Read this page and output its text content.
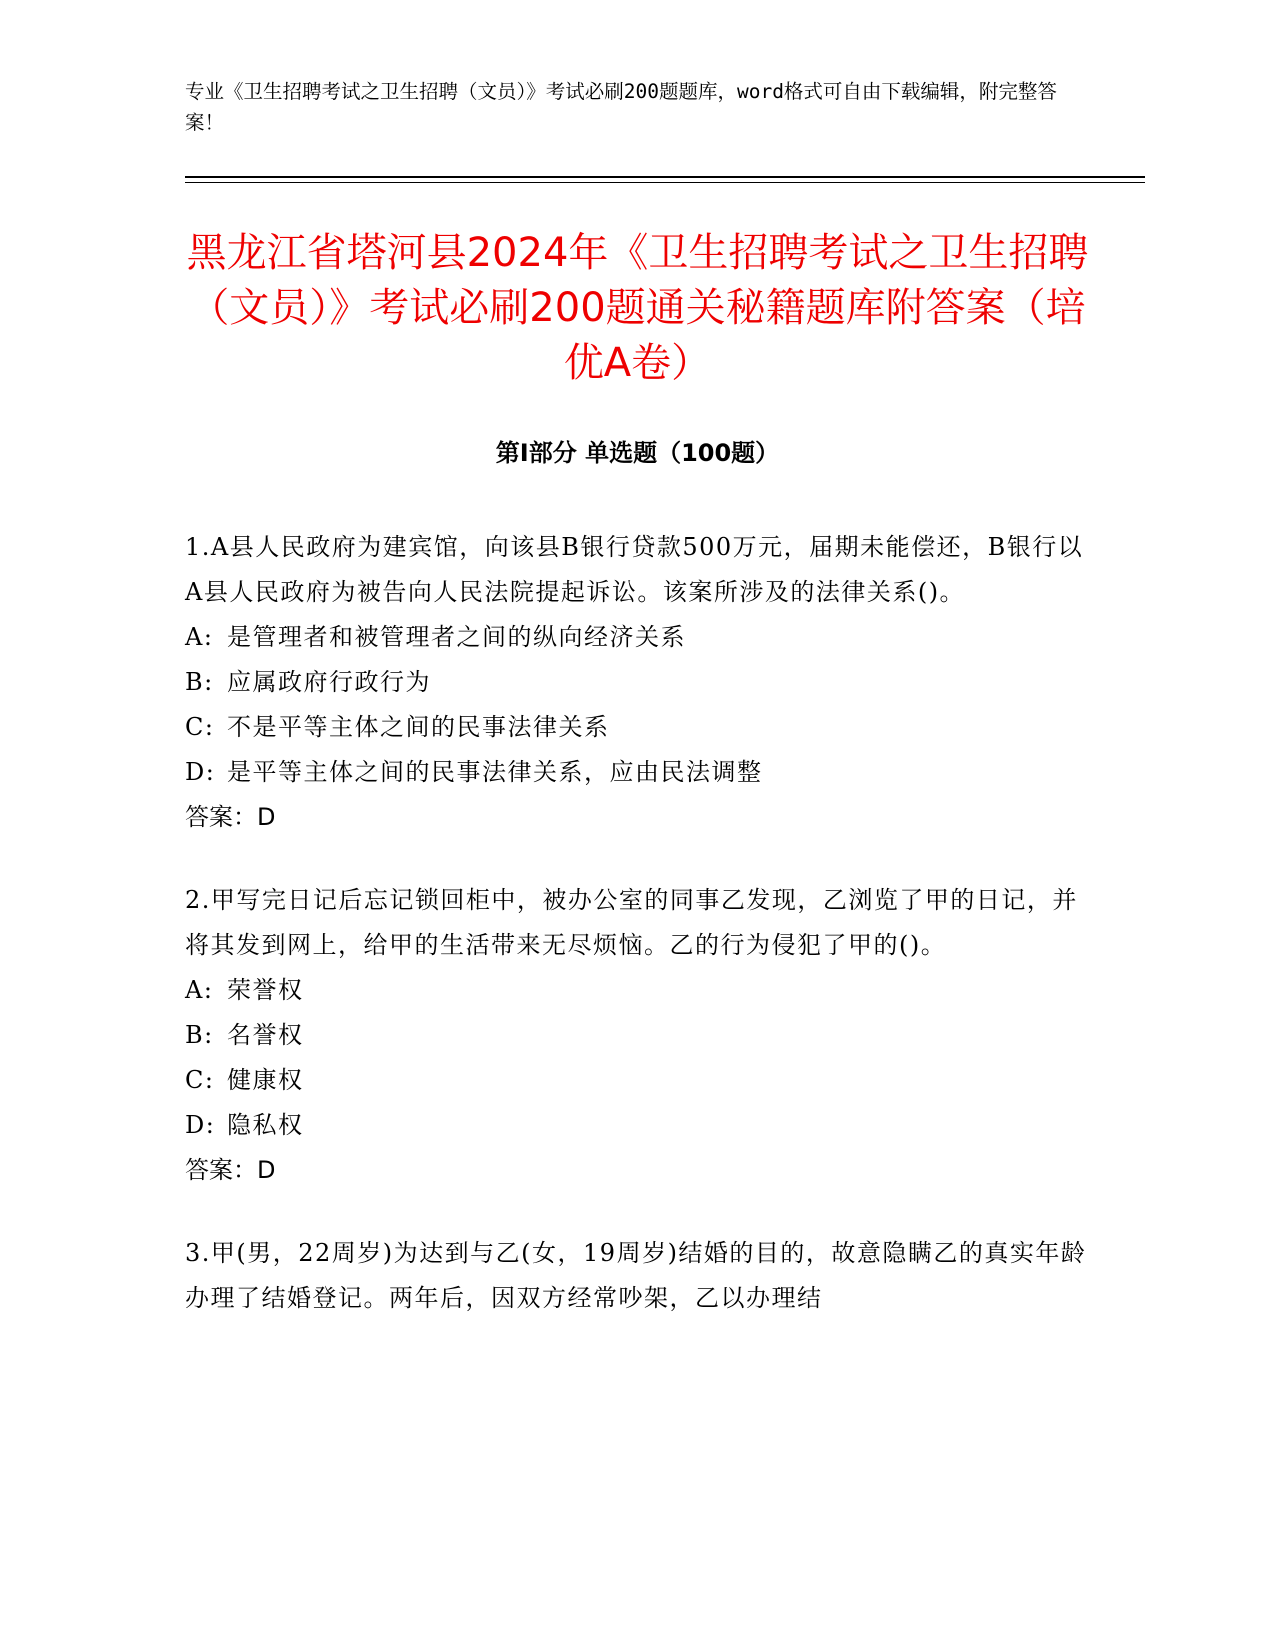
专业《卫生招聘考试之卫生招聘（文员）》考试必刷200题题库，word格式可自由下载编辑，附完整答案！
黑龙江省塔河县2024年《卫生招聘考试之卫生招聘（文员）》考试必刷200题通关秘籍题库附答案（培优A卷）
第Ⅰ部分 单选题（100题）
1.A县人民政府为建宾馆，向该县B银行贷款500万元，届期未能偿还，B银行以A县人民政府为被告向人民法院提起诉讼。该案所涉及的法律关系()。
A: 是管理者和被管理者之间的纵向经济关系
B: 应属政府行政行为
C: 不是平等主体之间的民事法律关系
D: 是平等主体之间的民事法律关系，应由民法调整
答案：D
2.甲写完日记后忘记锁回柜中，被办公室的同事乙发现，乙浏览了甲的日记，并将其发到网上，给甲的生活带来无尽烦恼。乙的行为侵犯了甲的()。
A: 荣誉权
B: 名誉权
C: 健康权
D: 隐私权
答案：D
3.甲(男，22周岁)为达到与乙(女，19周岁)结婚的目的，故意隐瞒乙的真实年龄办理了结婚登记。两年后，因双方经常吵架，乙以办理结
